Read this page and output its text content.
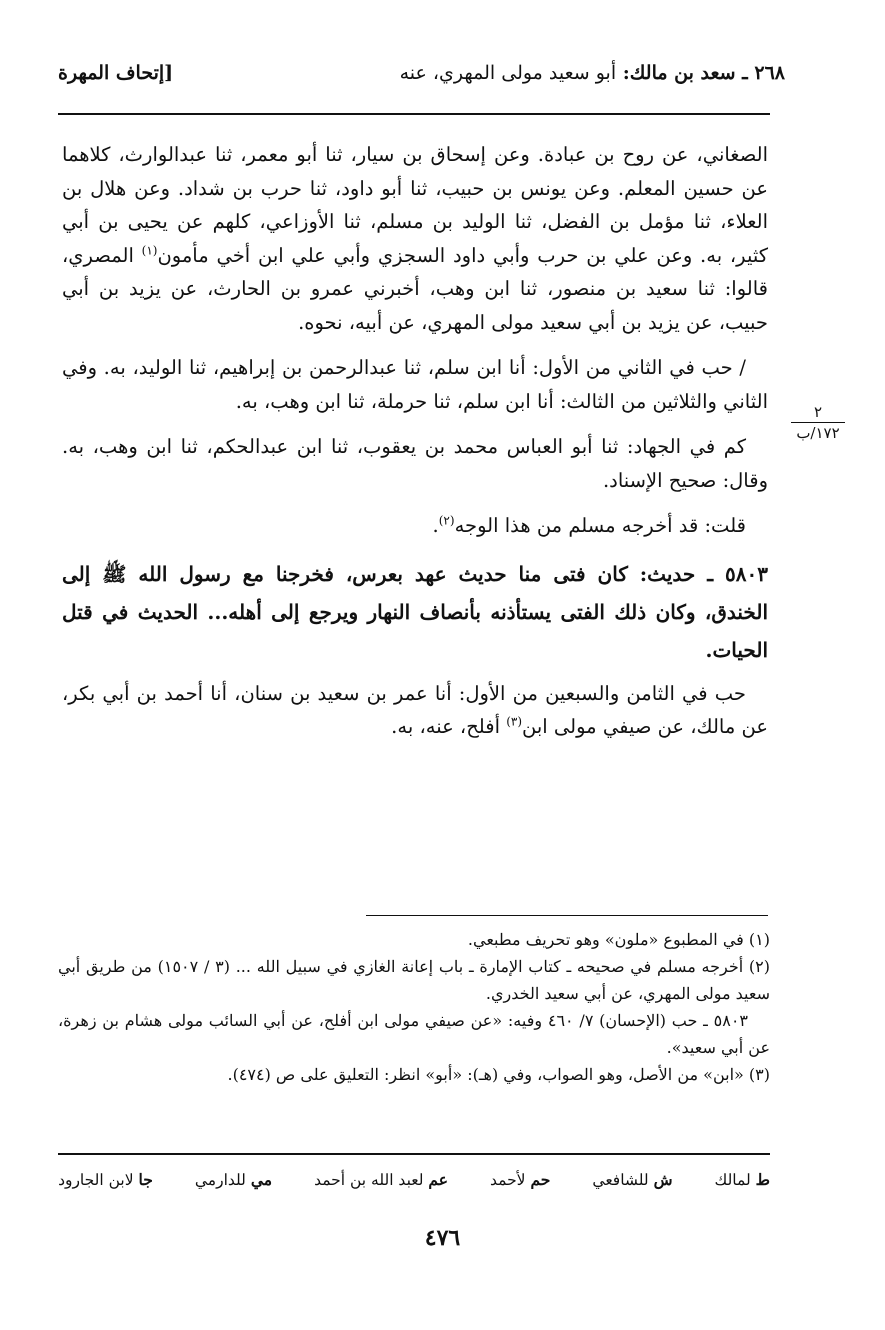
٢٦٨ ـ سعد بن مالك: أبو سعيد مولى المهري، عنه
[إتحاف المهرة
٢
١٧٢/ب

الصغاني، عن روح بن عبادة. وعن إسحاق بن سيار، ثنا أبو معمر، ثنا عبدالوارث، كلاهما عن حسين المعلم. وعن يونس بن حبيب، ثنا أبو داود، ثنا حرب بن شداد. وعن هلال بن العلاء، ثنا مؤمل بن الفضل، ثنا الوليد بن مسلم، ثنا الأوزاعي، كلهم عن يحيى بن أبي كثير، به. وعن علي بن حرب وأبي داود السجزي وأبي علي ابن أخي مأمون$^{(١)}$ المصري، قالوا: ثنا سعيد بن منصور، ثنا ابن وهب، أخبرني عمرو بن الحارث، عن يزيد بن أبي حبيب، عن يزيد بن أبي سعيد مولى المهري، عن أبيه، نحوه.

/ حب في الثاني من الأول: أنا ابن سلم، ثنا عبدالرحمن بن إبراهيم، ثنا الوليد، به. وفي الثاني والثلاثين من الثالث: أنا ابن سلم، ثنا حرملة، ثنا ابن وهب، به.

كم في الجهاد: ثنا أبو العباس محمد بن يعقوب، ثنا ابن عبدالحكم، ثنا ابن وهب، به. وقال: صحيح الإسناد.

قلت: قد أخرجه مسلم من هذا الوجه$^{(٢)}$.

٥٨٠٣ ـ حديث: كان فتى منا حديث عهد بعرس، فخرجنا مع رسول الله ﷺ إلى الخندق، وكان ذلك الفتى يستأذنه بأنصاف النهار ويرجع إلى أهله... الحديث في قتل الحيات.

حب في الثامن والسبعين من الأول: أنا عمر بن سعيد بن سنان، أنا أحمد بن أبي بكر، عن مالك، عن صيفي مولى ابن$^{(٣)}$ أفلح، عنه، به.

(١) في المطبوع «ملون» وهو تحريف مطبعي.

(٢) أخرجه مسلم في صحيحه ـ كتاب الإمارة ـ باب إعانة الغازي في سبيل الله ... (٣ / ١٥٠٧) من طريق أبي سعيد مولى المهري، عن أبي سعيد الخدري.

٥٨٠٣ ـ حب (الإحسان) ٧/ ٤٦٠ وفيه: «عن صيفي مولى ابن أفلح، عن أبي السائب مولى هشام بن زهرة، عن أبي سعيد».

(٣) «ابن» من الأصل، وهو الصواب، وفي (هـ): «أبو» انظر: التعليق على ص (٤٧٤).

ط لمالك
ش للشافعي
حم لأحمد
عم لعبد الله بن أحمد
مي للدارمي
جا لابن الجارود
٤٧٦
